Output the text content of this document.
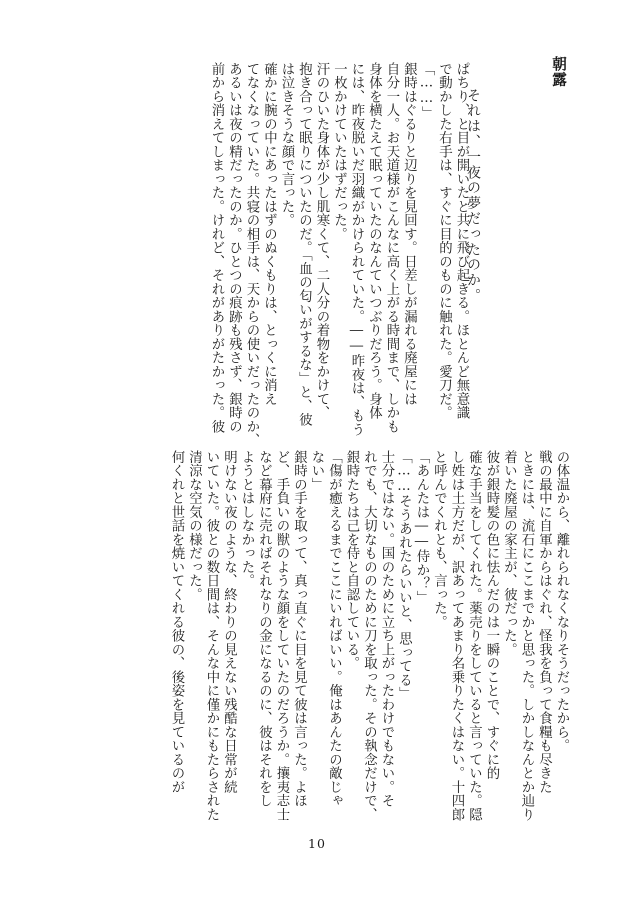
朝露
それは、一夜の夢だったのか。

ぱちり、と目が開いたと共に飛び起きる。ほとんど無意識

で動かした右手は、すぐに目的のものに触れた。愛刀だ。

「……」

銀時はぐるりと辺りを見回す。日差しが漏れる廃屋には

自分一人。お天道様がこんなに高く上がる時間まで、しかも

身体を横たえて眠っていたのなんていつぶりだろう。身体

には、昨夜脱いだ羽織がかけられていた。――昨夜は、もう

一枚かけていたはずだった。

汗のひいた身体が少し肌寒くて、二人分の着物をかけて、

抱き合って眠りについたのだ。「血の匂いがするな」と、彼

は泣きそうな顔で言った。

確かに腕の中にあったはずのぬくもりは、とっくに消え

てなくなっていた。共寝の相手は、天からの使いだったのか、

あるいは夜の精だったのか。ひとつの痕跡も残さず、銀時の

前から消えてしまった。けれど、それがありがたかった。彼

の体温から、離れられなくなりそうだったから。

戦の最中に自軍からはぐれ、怪我を負って食糧も尽きた

ときには、流石にここまでかと思った。しかしなんとか辿り

着いた廃屋の家主が、彼だった。

彼が銀時髪の色に怯んだのは一瞬のことで、すぐに的

確な手当をしてくれた。薬売りをしていると言っていた。隠

し姓は土方だが、訳あってあまり名乗りたくはない。十四郎

と呼んでくれとも、言った。

「あんたは――侍か？」

「……そうあれたらいいと、思ってる」

士分ではない。国のために立ち上がったわけでもない。そ

れでも、大切なもののために刀を取った。その執念だけで、

銀時たちは己を侍と自認している。

「傷が癒えるまでここにいればいい。俺はあんたの敵じゃ

ない」

銀時の手を取って、真っ直ぐに目を見て彼は言った。よほ

ど、手負いの獣のような顔をしていたのだろうか。攘夷志士

など幕府に売ればそれなりの金になるのに、彼はそれをし

ようとはしなかった。

明けない夜のような、終わりの見えない残酷な日常が続

いていた。彼との数日間は、そんな中に僅かにもたらされた

清涼な空気の様だった。

何くれと世話を焼いてくれる彼の、後姿を見ているのが

10
